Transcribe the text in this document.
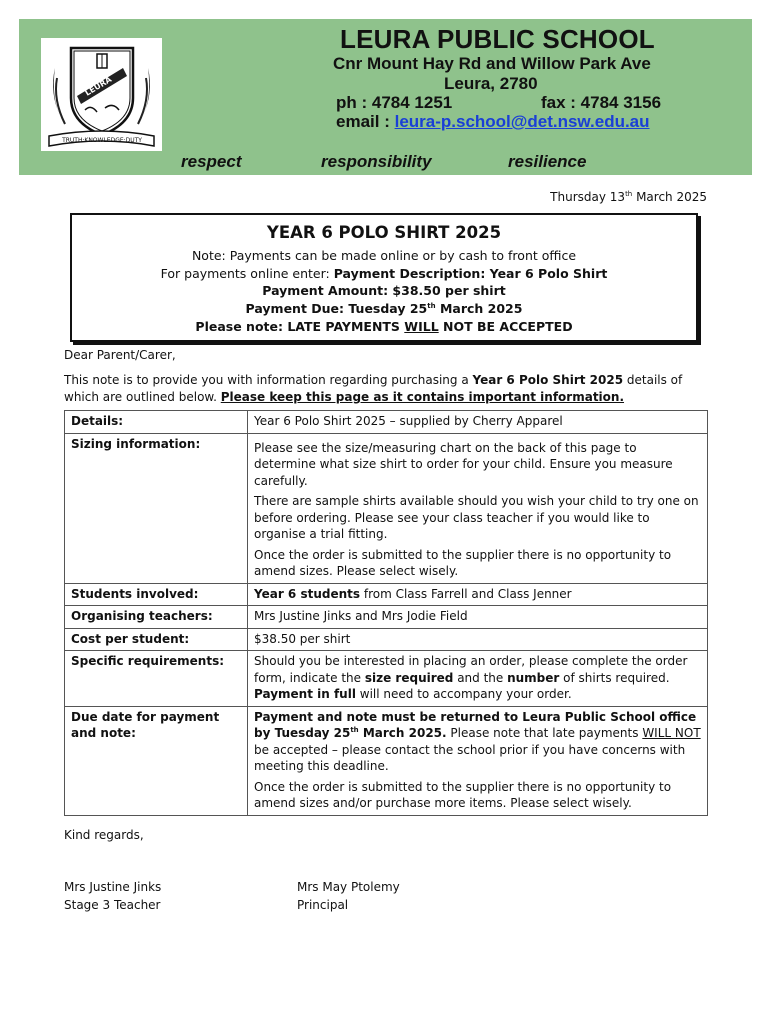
LEURA
TRUTH·KNOWLEDGE·DUTY
LEURA PUBLIC SCHOOL
Cnr Mount Hay Rd and Willow Park Ave
Leura, 2780
ph : 4784 1251	fax : 4784 3156
email : leura-p.school@det.nsw.edu.au
respect	responsibility	resilience
Thursday 13th March 2025
YEAR 6 POLO SHIRT 2025
Note: Payments can be made online or by cash to front office
For payments online enter: Payment Description: Year 6 Polo Shirt
Payment Amount: $38.50 per shirt
Payment Due: Tuesday 25th March 2025
Please note: LATE PAYMENTS WILL NOT BE ACCEPTED
Dear Parent/Carer,
This note is to provide you with information regarding purchasing a Year 6 Polo Shirt 2025 details of
which are outlined below. Please keep this page as it contains important information.
Details:	Year 6 Polo Shirt 2025 – supplied by Cherry Apparel
Sizing information:	Please see the size/measuring chart on the back of this page to determine what size shirt to order for your child. Ensure you measure carefully.

There are sample shirts available should you wish your child to try one on before ordering. Please see your class teacher if you would like to organise a trial fitting.

Once the order is submitted to the supplier there is no opportunity to amend sizes. Please select wisely.

Students involved:	Year 6 students from Class Farrell and Class Jenner
Organising teachers:	Mrs Justine Jinks and Mrs Jodie Field
Cost per student:	$38.50 per shirt
Specific requirements:	Should you be interested in placing an order, please complete the order form, indicate the size required and the number of shirts required. Payment in full will need to accompany your order.
Due date for payment and note:	Payment and note must be returned to Leura Public School office by Tuesday 25th March 2025. Please note that late payments WILL NOT be accepted – please contact the school prior if you have concerns with meeting this deadline.

Once the order is submitted to the supplier there is no opportunity to amend sizes and/or purchase more items. Please select wisely.

Kind regards,
Mrs Justine Jinks
Stage 3 Teacher
Mrs May Ptolemy
Principal
